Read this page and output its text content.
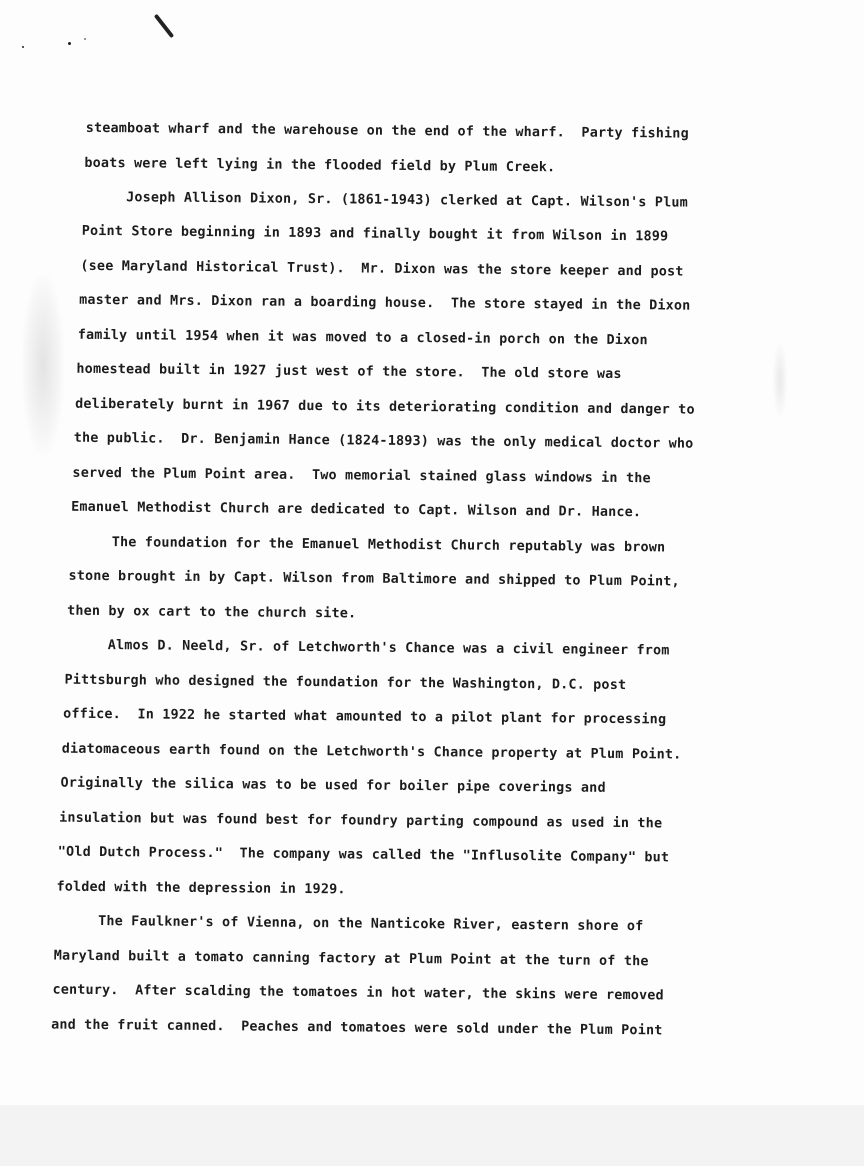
steamboat wharf and the warehouse on the end of the wharf.  Party fishing

boats were left lying in the flooded field by Plum Creek.

Joseph Allison Dixon, Sr. (1861-1943) clerked at Capt. Wilson's Plum

Point Store beginning in 1893 and finally bought it from Wilson in 1899

(see Maryland Historical Trust).  Mr. Dixon was the store keeper and post

master and Mrs. Dixon ran a boarding house.  The store stayed in the Dixon

family until 1954 when it was moved to a closed-in porch on the Dixon

homestead built in 1927 just west of the store.  The old store was

deliberately burnt in 1967 due to its deteriorating condition and danger to

the public.  Dr. Benjamin Hance (1824-1893) was the only medical doctor who

served the Plum Point area.  Two memorial stained glass windows in the

Emanuel Methodist Church are dedicated to Capt. Wilson and Dr. Hance.

The foundation for the Emanuel Methodist Church reputably was brown

stone brought in by Capt. Wilson from Baltimore and shipped to Plum Point,

then by ox cart to the church site.

Almos D. Neeld, Sr. of Letchworth's Chance was a civil engineer from

Pittsburgh who designed the foundation for the Washington, D.C. post

office.  In 1922 he started what amounted to a pilot plant for processing

diatomaceous earth found on the Letchworth's Chance property at Plum Point.

Originally the silica was to be used for boiler pipe coverings and

insulation but was found best for foundry parting compound as used in the

"Old Dutch Process."  The company was called the "Influsolite Company" but

folded with the depression in 1929.

The Faulkner's of Vienna, on the Nanticoke River, eastern shore of

Maryland built a tomato canning factory at Plum Point at the turn of the

century.  After scalding the tomatoes in hot water, the skins were removed

and the fruit canned.  Peaches and tomatoes were sold under the Plum Point
